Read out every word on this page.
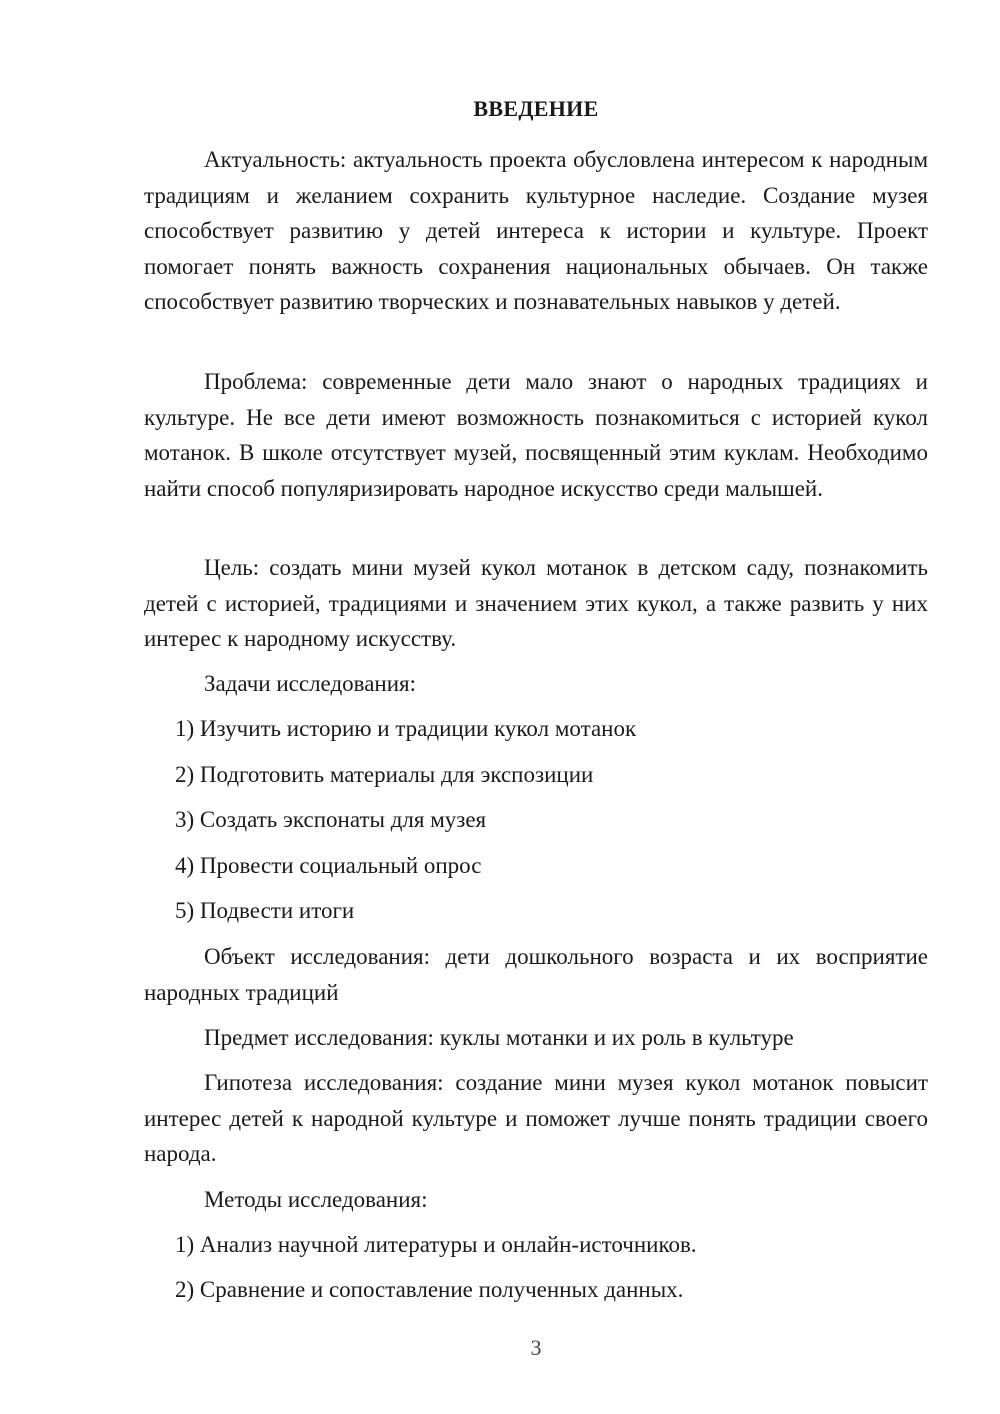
ВВЕДЕНИЕ

Актуальность: актуальность проекта обусловлена интересом к народным традициям и желанием сохранить культурное наследие. Создание музея способствует развитию у детей интереса к истории и культуре. Проект помогает понять важность сохранения национальных обычаев. Он также способствует развитию творческих и познавательных навыков у детей.

Проблема: современные дети мало знают о народных традициях и культуре. Не все дети имеют возможность познакомиться с историей кукол мотанок. В школе отсутствует музей, посвященный этим куклам. Необходимо найти способ популяризировать народное искусство среди малышей.

Цель: создать мини музей кукол мотанок в детском саду, познакомить детей с историей, традициями и значением этих кукол, а также развить у них интерес к народному искусству.

Задачи исследования:

1) Изучить историю и традиции кукол мотанок

2) Подготовить материалы для экспозиции

3) Создать экспонаты для музея

4) Провести социальный опрос

5) Подвести итоги

Объект исследования: дети дошкольного возраста и их восприятие народных традиций

Предмет исследования: куклы мотанки и их роль в культуре

Гипотеза исследования: создание мини музея кукол мотанок повысит интерес детей к народной культуре и поможет лучше понять традиции своего народа.

Методы исследования:

1) Анализ научной литературы и онлайн-источников.

2) Сравнение и сопоставление полученных данных.

3
